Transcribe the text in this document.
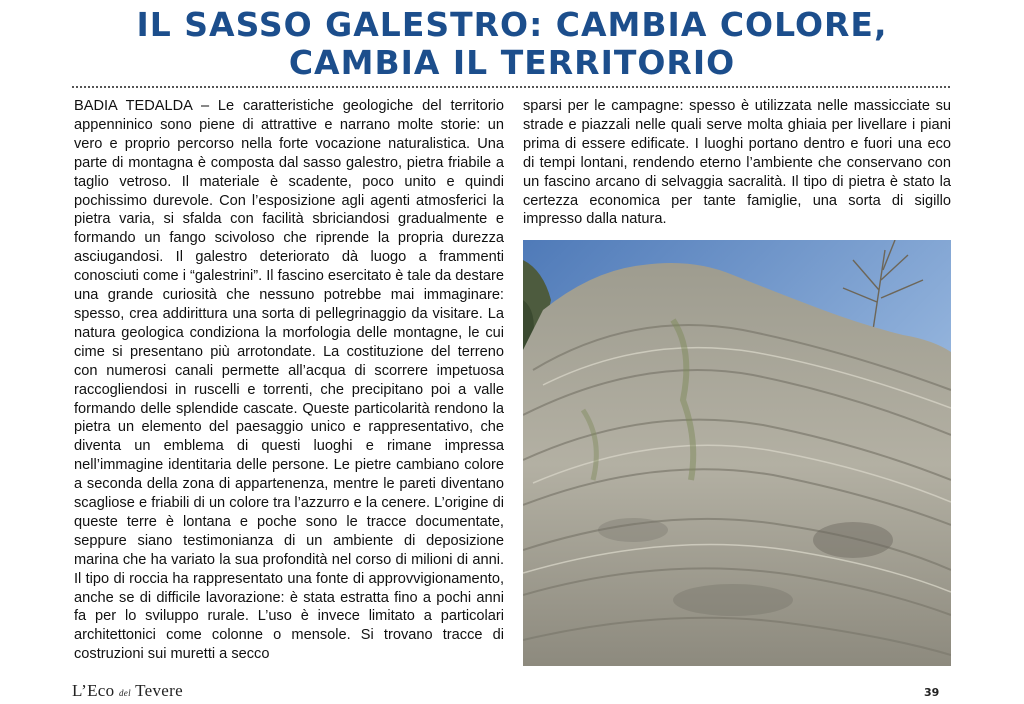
IL SASSO GALESTRO: CAMBIA COLORE, CAMBIA IL TERRITORIO

BADIA TEDALDA – Le caratteristiche geologiche del territorio appenninico sono piene di attrattive e narrano molte storie: un vero e proprio percorso nella forte vocazione naturalistica. Una parte di montagna è composta dal sasso galestro, pietra friabile a taglio vetroso. Il materiale è scadente, poco unito e quindi pochissimo durevole. Con l’esposizione agli agenti atmosferici la pietra varia, si sfalda con facilità sbriciandosi gradualmente e formando un fango scivoloso che riprende la propria durezza asciugandosi. Il galestro deteriorato dà luogo a frammenti conosciuti come i “galestrini”. Il fascino esercitato è tale da destare una grande curiosità che nessuno potrebbe mai immaginare: spesso, crea addirittura una sorta di pellegrinaggio da visitare. La natura geologica condiziona la morfologia delle montagne, le cui cime si presentano più arrotondate. La costituzione del terreno con numerosi canali permette all’acqua di scorrere impetuosa raccogliendosi in ruscelli e torrenti, che precipitano poi a valle formando delle splendide cascate. Queste particolarità rendono la pietra un elemento del paesaggio unico e rappresentativo, che diventa un emblema di questi luoghi e rimane impressa nell’immagine identitaria delle persone. Le pietre cambiano colore a seconda della zona di appartenenza, mentre le pareti diventano scagliose e friabili di un colore tra l’azzurro e la cenere. L’origine di queste terre è lontana e poche sono le tracce documentate, seppure siano testimonianza di un ambiente di deposizione marina che ha variato la sua profondità nel corso di milioni di anni. Il tipo di roccia ha rappresentato una fonte di approvvigionamento, anche se di difficile lavorazione: è stata estratta fino a pochi anni fa per lo sviluppo rurale. L’uso è invece limitato a particolari architettonici come colonne o mensole. Si trovano tracce di costruzioni sui muretti a secco

sparsi per le campagne: spesso è utilizzata nelle massicciate su strade e piazzali nelle quali serve molta ghiaia per livellare i piani prima di essere edificate. I luoghi portano dentro e fuori una eco di tempi lontani, rendendo eterno l’ambiente che conservano con un fascino arcano di selvaggia sacralità. Il tipo di pietra è stato la certezza economica per tante famiglie, una sorta di sigillo impresso dalla natura.

L’Eco del Tevere	39
